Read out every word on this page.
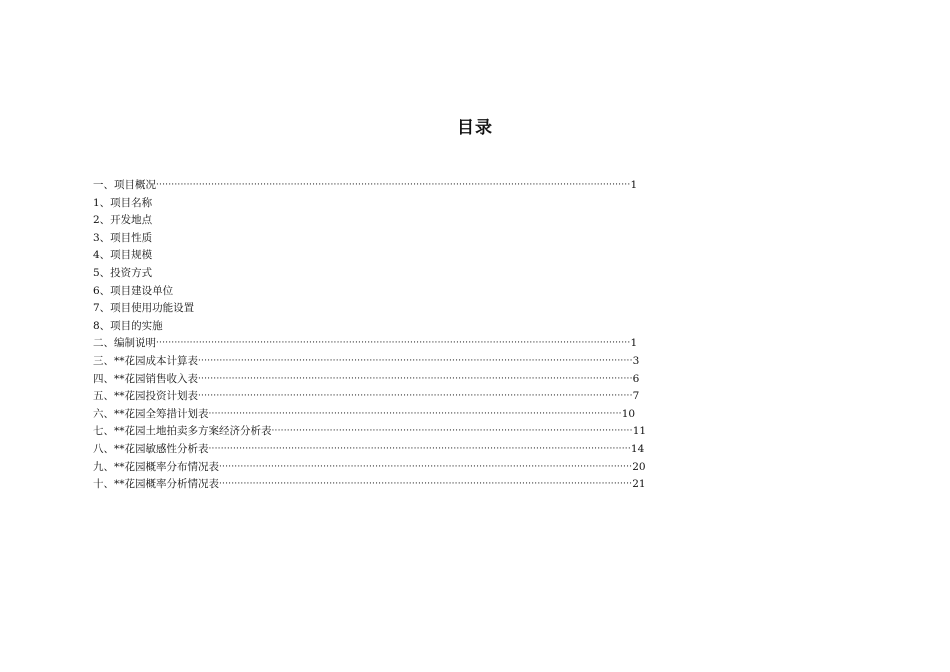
目录
一、项目概况 ··························································································································································· 1
1、项目名称
2、开发地点
3、项目性质
4、项目规模
5、投资方式
6、项目建设单位
7、项目使用功能设置
8、项目的实施
二、编制说明 ··························································································································································· 1
三、**花园成本计算表 ·············································································································································· 3
四、**花园销售收入表 ·············································································································································· 6
五、**花园投资计划表 ·············································································································································· 7
六、**花园全筹措计划表 ······································································································································· 10
七、**花园土地拍卖多方案经济分析表 ······················································································································ 11
八、**花园敏感性分析表 ·········································································································································· 14
九、**花园概率分布情况表 ······································································································································· 20
十、**花园概率分析情况表 ······································································································································· 21
